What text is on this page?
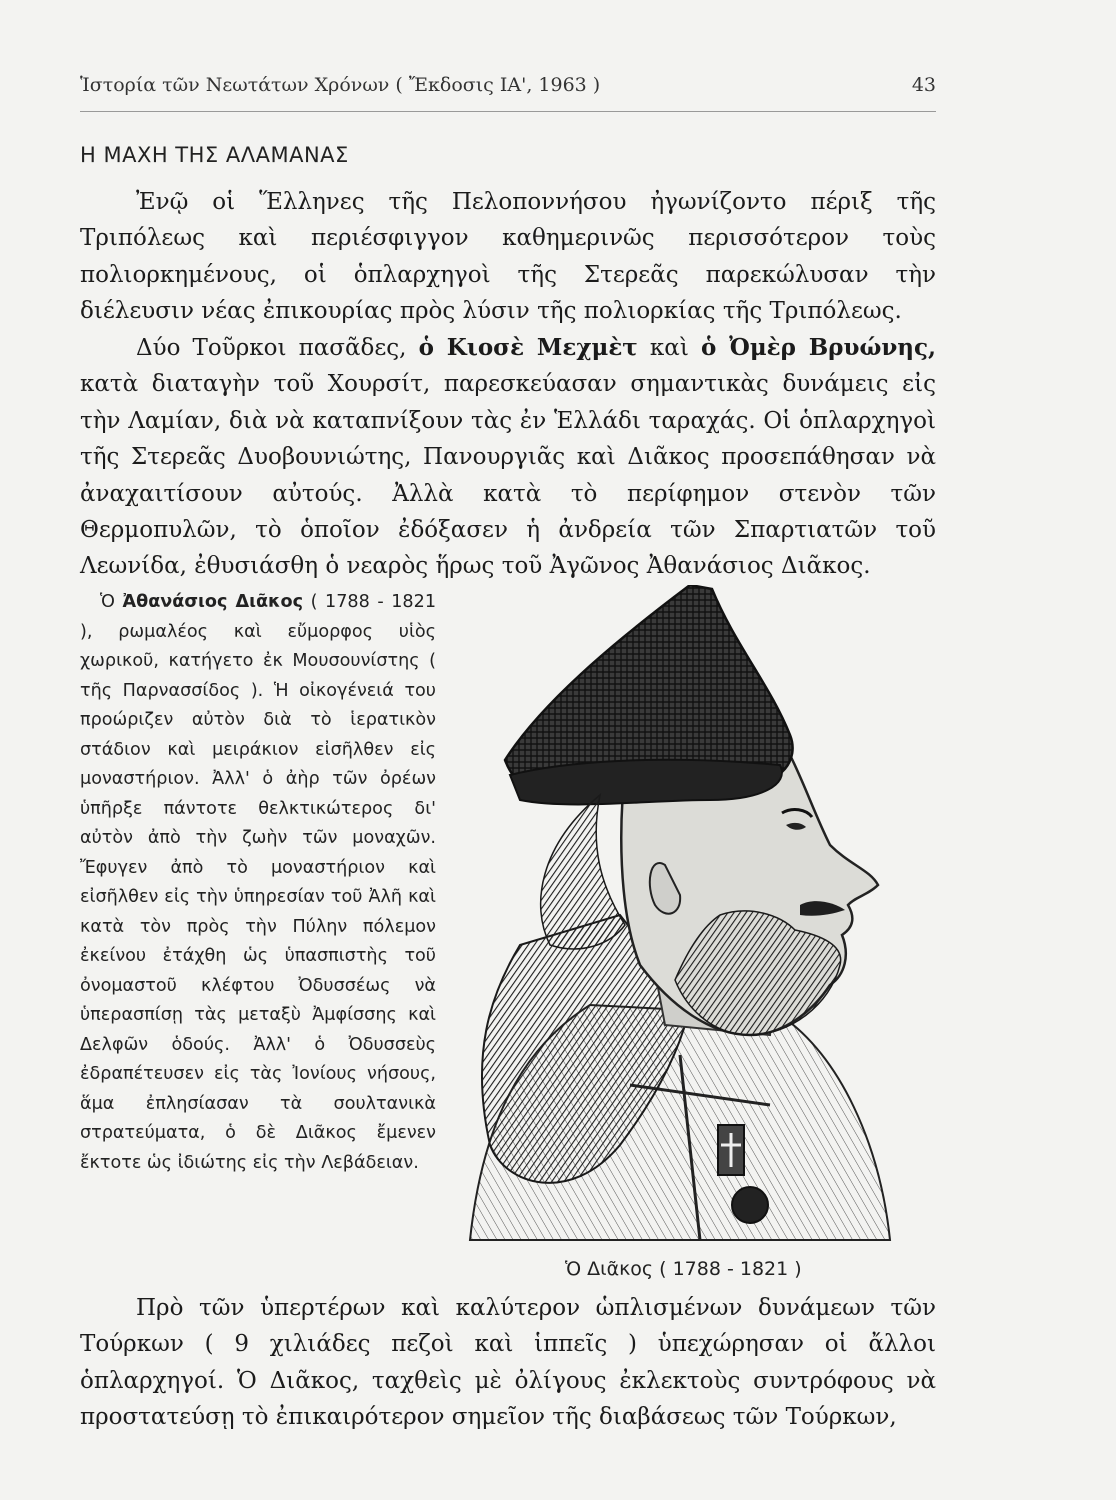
Ἱστορία τῶν Νεωτάτων Χρόνων ( Ἔκδοσις ΙΑ', 1963 )	43
Η ΜΑΧΗ ΤΗΣ ΑΛΑΜΑΝΑΣ

Ἐνῷ οἱ Ἕλληνες τῆς Πελοποννήσου ἠγωνίζοντο πέριξ τῆς Τριπόλεως καὶ περιέσφιγγον καθημερινῶς περισσότερον τοὺς πολιορκημένους, οἱ ὁπλαρχηγοὶ τῆς Στερεᾶς παρεκώλυσαν τὴν διέλευσιν νέας ἐπικουρίας πρὸς λύσιν τῆς πολιορκίας τῆς Τριπόλεως.

Δύο Τοῦρκοι πασᾶδες, ὁ Κιοσὲ Μεχμὲτ καὶ ὁ Ὀμὲρ Βρυώνης, κατὰ διαταγὴν τοῦ Χουρσίτ, παρεσκεύασαν σημαντικὰς δυνάμεις εἰς τὴν Λαμίαν, διὰ νὰ καταπνίξουν τὰς ἐν Ἑλλάδι ταραχάς. Οἱ ὁπλαρχηγοὶ τῆς Στερεᾶς Δυοβουνιώτης, Πανουργιᾶς καὶ Διᾶκος προσεπάθησαν νὰ ἀναχαιτίσουν αὐτούς. Ἀλλὰ κατὰ τὸ περίφημον στενὸν τῶν Θερμοπυλῶν, τὸ ὁποῖον ἐδόξασεν ἡ ἀνδρεία τῶν Σπαρτιατῶν τοῦ Λεωνίδα, ἐθυσιάσθη ὁ νεαρὸς ἥρως τοῦ Ἀγῶνος Ἀθανάσιος Διᾶκος.

Ὁ Ἀθανάσιος Διᾶκος ( 1788 - 1821 ), ρωμαλέος καὶ εὔμορφος υἱὸς χωρικοῦ, κατήγετο ἐκ Μουσουνίστης ( τῆς Παρνασσίδος ). Ἡ οἰκογένειά του προώριζεν αὐτὸν διὰ τὸ ἱερατικὸν στάδιον καὶ μειράκιον εἰσῆλθεν εἰς μοναστήριον. Ἀλλ' ὁ ἀὴρ τῶν ὀρέων ὑπῆρξε πάντοτε θελκτικώτερος δι' αὐτὸν ἀπὸ τὴν ζωὴν τῶν μοναχῶν. Ἔφυγεν ἀπὸ τὸ μοναστήριον καὶ εἰσῆλθεν εἰς τὴν ὑπηρεσίαν τοῦ Ἀλῆ καὶ κατὰ τὸν πρὸς τὴν Πύλην πόλεμον ἐκείνου ἐτάχθη ὡς ὑπασπιστὴς τοῦ ὀνομαστοῦ κλέφτου Ὀδυσσέως νὰ ὑπερασπίσῃ τὰς μεταξὺ Ἀμφίσσης καὶ Δελφῶν ὁδούς. Ἀλλ' ὁ Ὀδυσσεὺς ἐδραπέτευσεν εἰς τὰς Ἰονίους νήσους, ἅμα ἐπλησίασαν τὰ σουλτανικὰ στρατεύματα, ὁ δὲ Διᾶκος ἔμενεν ἔκτοτε ὡς ἰδιώτης εἰς τὴν Λεβάδειαν.

Ὁ Διᾶκος ( 1788 - 1821 )

Πρὸ τῶν ὑπερτέρων καὶ καλύτερον ὡπλισμένων δυνάμεων τῶν Τούρκων ( 9 χιλιάδες πεζοὶ καὶ ἱππεῖς ) ὑπεχώρησαν οἱ ἄλλοι ὁπλαρχηγοί. Ὁ Διᾶκος, ταχθεὶς μὲ ὀλίγους ἐκλεκτοὺς συντρόφους νὰ προστατεύσῃ τὸ ἐπικαιρότερον σημεῖον τῆς διαβάσεως τῶν Τούρκων,
